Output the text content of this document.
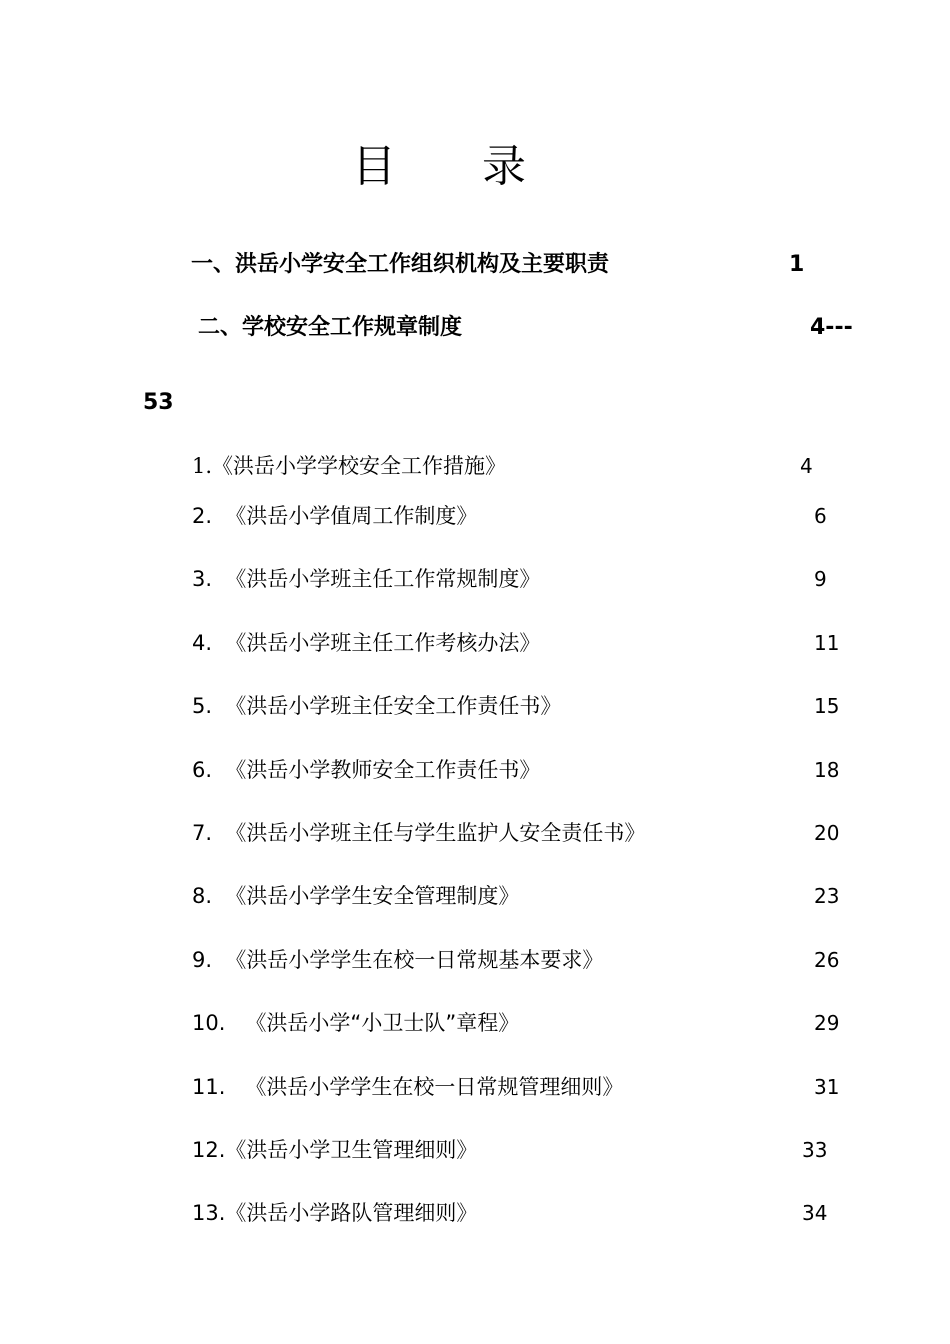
目录
一、洪岳小学安全工作组织机构及主要职责	1
二、学校安全工作规章制度	4---
53
1.《洪岳小学学校安全工作措施》	4
2. 《洪岳小学值周工作制度》	6
3. 《洪岳小学班主任工作常规制度》	9
4. 《洪岳小学班主任工作考核办法》	11
5. 《洪岳小学班主任安全工作责任书》	15
6. 《洪岳小学教师安全工作责任书》	18
7. 《洪岳小学班主任与学生监护人安全责任书》	20
8. 《洪岳小学学生安全管理制度》	23
9. 《洪岳小学学生在校一日常规基本要求》	26
10. 《洪岳小学“小卫士队”章程》	29
11. 《洪岳小学学生在校一日常规管理细则》	31
12.《洪岳小学卫生管理细则》	33
13.《洪岳小学路队管理细则》	34
